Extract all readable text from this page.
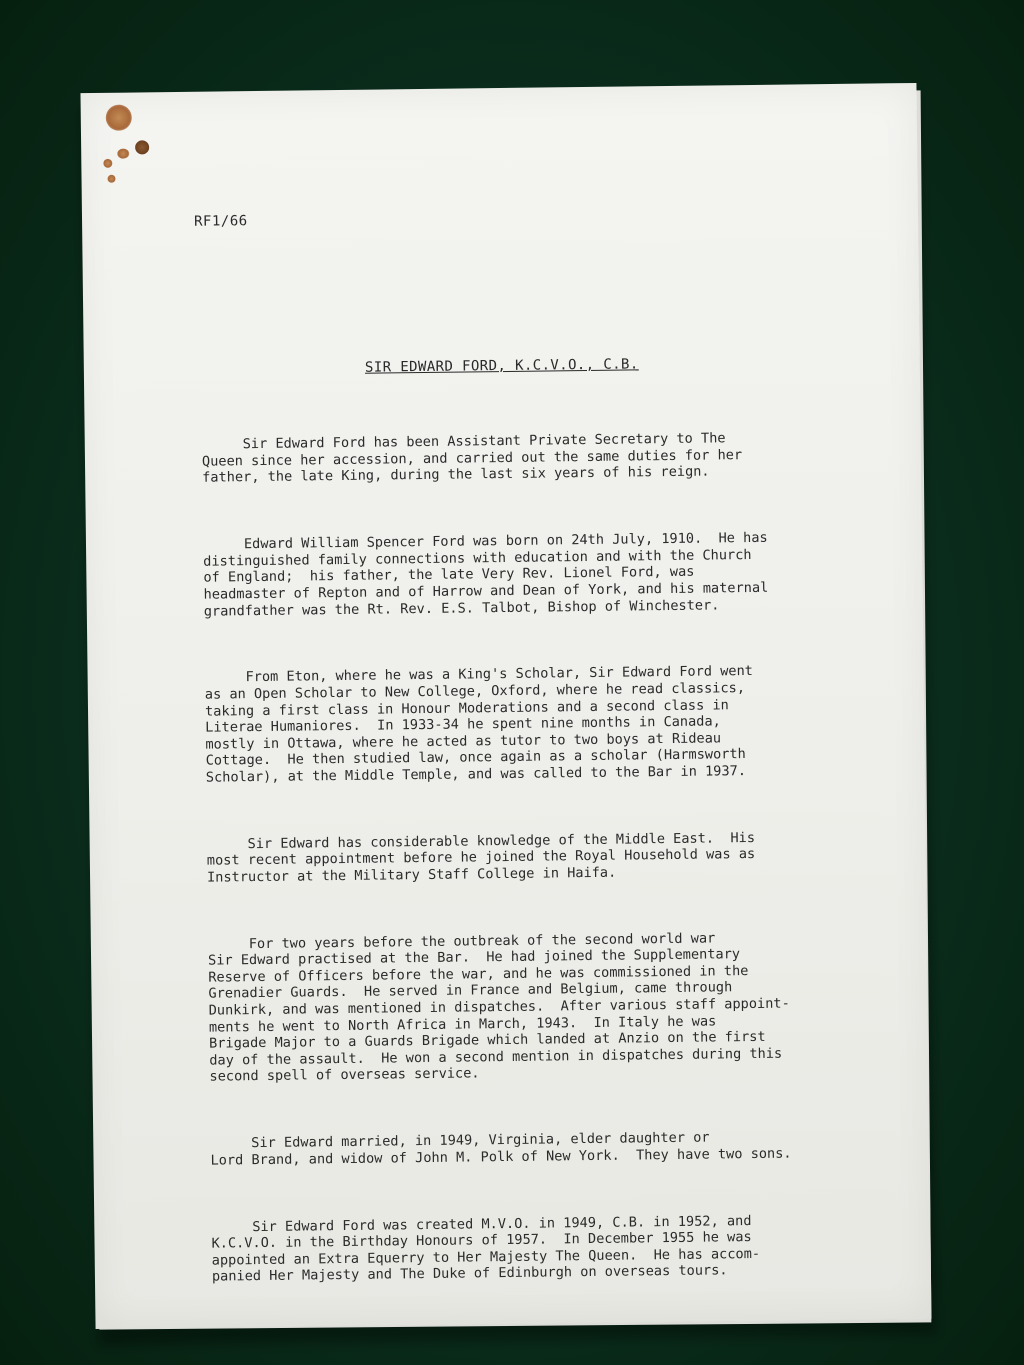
RF1/66
SIR EDWARD FORD, K.C.V.O., C.B.

Sir Edward Ford has been Assistant Private Secretary to The
Queen since her accession, and carried out the same duties for her
father, the late King, during the last six years of his reign.

Edward William Spencer Ford was born on 24th July, 1910.  He has
distinguished family connections with education and with the Church
of England;  his father, the late Very Rev. Lionel Ford, was
headmaster of Repton and of Harrow and Dean of York, and his maternal
grandfather was the Rt. Rev. E.S. Talbot, Bishop of Winchester.

From Eton, where he was a King's Scholar, Sir Edward Ford went
as an Open Scholar to New College, Oxford, where he read classics,
taking a first class in Honour Moderations and a second class in
Literae Humaniores.  In 1933-34 he spent nine months in Canada,
mostly in Ottawa, where he acted as tutor to two boys at Rideau
Cottage.  He then studied law, once again as a scholar (Harmsworth
Scholar), at the Middle Temple, and was called to the Bar in 1937.

Sir Edward has considerable knowledge of the Middle East.  His
most recent appointment before he joined the Royal Household was as
Instructor at the Military Staff College in Haifa.

For two years before the outbreak of the second world war
Sir Edward practised at the Bar.  He had joined the Supplementary
Reserve of Officers before the war, and he was commissioned in the
Grenadier Guards.  He served in France and Belgium, came through
Dunkirk, and was mentioned in dispatches.  After various staff appoint-
ments he went to North Africa in March, 1943.  In Italy he was
Brigade Major to a Guards Brigade which landed at Anzio on the first
day of the assault.  He won a second mention in dispatches during this
second spell of overseas service.

Sir Edward married, in 1949, Virginia, elder daughter or
Lord Brand, and widow of John M. Polk of New York.  They have two sons.

Sir Edward Ford was created M.V.O. in 1949, C.B. in 1952, and
K.C.V.O. in the Birthday Honours of 1957.  In December 1955 he was
appointed an Extra Equerry to Her Majesty The Queen.  He has accom-
panied Her Majesty and The Duke of Edinburgh on overseas tours.
